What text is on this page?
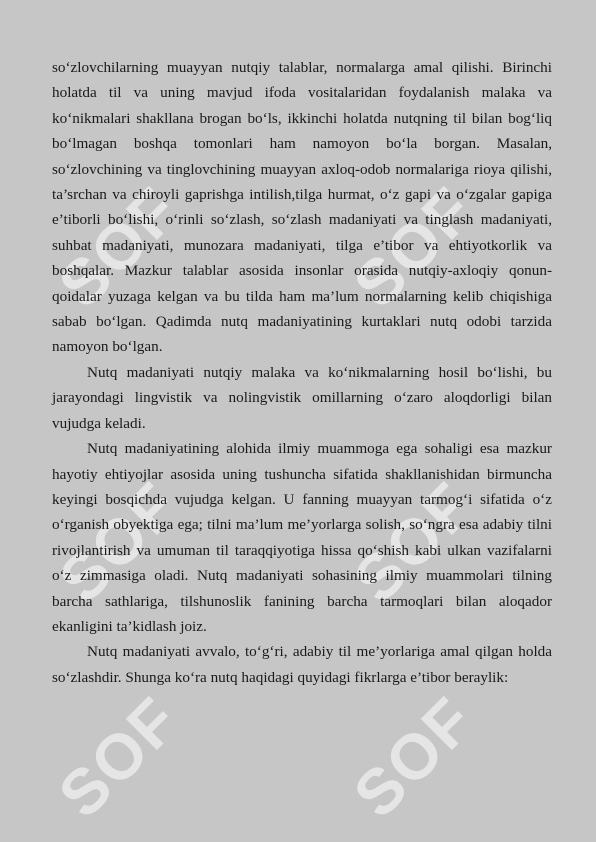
SOF SOF
SOF SOF
SOF SOF

so‘zlovchilarning muayyan nutqiy talablar, normalarga amal qilishi. Birinchi holatda til va uning mavjud ifoda vositalaridan foydalanish malaka va ko‘nikmalari shakllana brogan bo‘ls, ikkinchi holatda nutqning til bilan bog‘liq bo‘lmagan boshqa tomonlari ham namoyon bo‘la borgan. Masalan, so‘zlovchining va tinglovchining muayyan axloq-odob normalariga rioya qilishi, ta’srchan va chiroyli gaprishga intilish,tilga hurmat, o‘z gapi va o‘zgalar gapiga e’tiborli bo‘lishi, o‘rinli so‘zlash, so‘zlash madaniyati va tinglash madaniyati, suhbat madaniyati, munozara madaniyati, tilga e’tibor va ehtiyotkorlik va boshqalar. Mazkur talablar asosida insonlar orasida nutqiy-axloqiy qonun-qoidalar yuzaga kelgan va bu tilda ham ma’lum normalarning kelib chiqishiga sabab bo‘lgan. Qadimda nutq madaniyatining kurtaklari nutq odobi tarzida namoyon bo‘lgan.

Nutq madaniyati nutqiy malaka va ko‘nikmalarning hosil bo‘lishi, bu jarayondagi lingvistik va nolingvistik omillarning o‘zaro aloqdorligi bilan vujudga keladi.

Nutq madaniyatining alohida ilmiy muammoga ega sohaligi esa mazkur hayotiy ehtiyojlar asosida uning tushuncha sifatida shakllanishidan birmuncha keyingi bosqichda vujudga kelgan. U fanning muayyan tarmog‘i sifatida o‘z o‘rganish obyektiga ega; tilni ma’lum me’yorlarga solish, so‘ngra esa adabiy tilni rivojlantirish va umuman til taraqqiyotiga hissa qo‘shish kabi ulkan vazifalarni o‘z zimmasiga oladi. Nutq madaniyati sohasining ilmiy muammolari tilning barcha sathlariga, tilshunoslik fanining barcha tarmoqlari bilan aloqador ekanligini ta’kidlash joiz.

Nutq madaniyati avvalo, to‘g‘ri, adabiy til me’yorlariga amal qilgan holda so‘zlashdir. Shunga ko‘ra nutq haqidagi quyidagi fikrlarga e’tibor beraylik:
